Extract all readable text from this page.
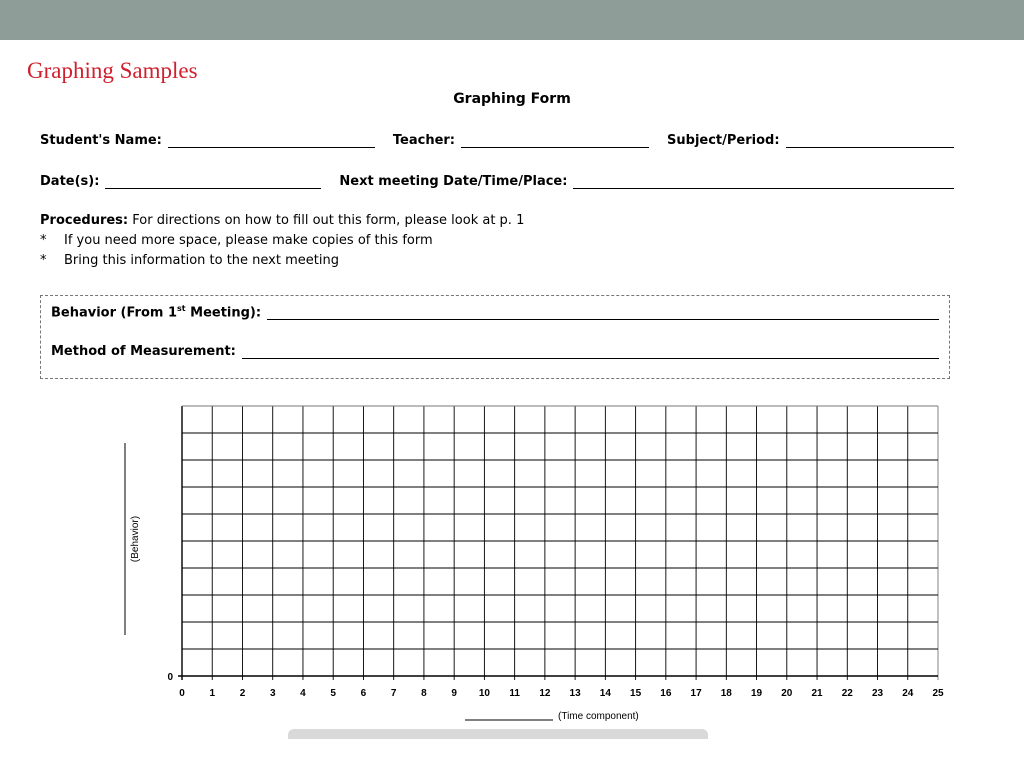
Graphing Samples
Graphing Form
Student's Name:	Teacher:	Subject/Period:
Date(s):	Next meeting Date/Time/Place:
Procedures: For directions on how to fill out this form, please look at p. 1
* If you need more space, please make copies of this form
* Bring this information to the next meeting
Behavior (From 1st Meeting):
Method of Measurement:
0 1 2 3 4 5 6 7 8 9 10 11 12 13 14 15 16 17 18 19 20 21 22 23 24 25
(Behavior)
0
(Time component)
